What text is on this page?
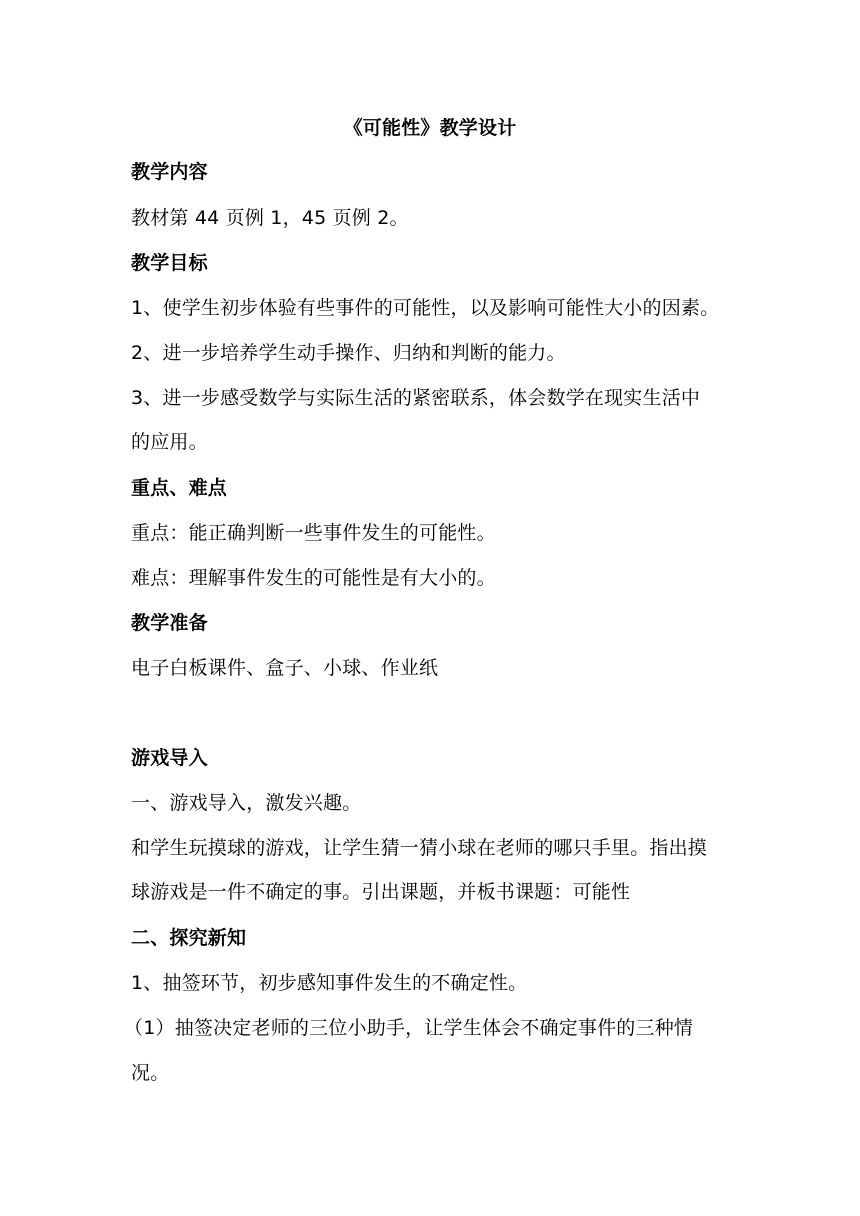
《可能性》教学设计
教学内容
教材第 44 页例 1，45 页例 2。
教学目标
1、使学生初步体验有些事件的可能性，以及影响可能性大小的因素。
2、进一步培养学生动手操作、归纳和判断的能力。
3、进一步感受数学与实际生活的紧密联系，体会数学在现实生活中
的应用。
重点、难点
重点：能正确判断一些事件发生的可能性。
难点：理解事件发生的可能性是有大小的。
教学准备
电子白板课件、盒子、小球、作业纸
游戏导入
一、游戏导入，激发兴趣。
和学生玩摸球的游戏，让学生猜一猜小球在老师的哪只手里。指出摸
球游戏是一件不确定的事。引出课题，并板书课题：可能性
二、探究新知
1、抽签环节，初步感知事件发生的不确定性。
（1）抽签决定老师的三位小助手，让学生体会不确定事件的三种情
况。
